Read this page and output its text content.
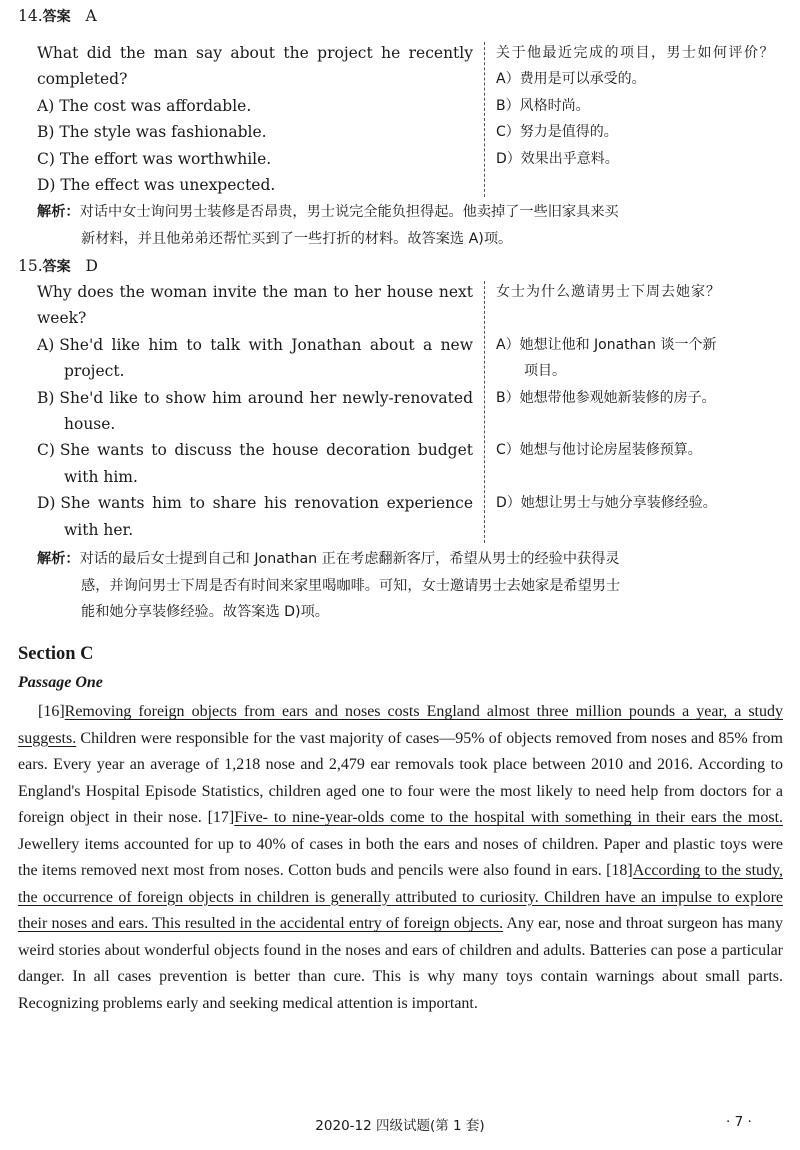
14.答案 A
What did the man say about the project he recently completed?
A)
The cost was affordable.
B)
The style was fashionable.
C)
The effort was worthwhile.
D)
The effect was unexpected.
关于他最近完成的项目，男士如何评价？
A） 费用是可以承受的。
B） 风格时尚。
C） 努力是值得的。
D） 效果出乎意料。
解析：对话中女士询问男士装修是否昂贵，男士说完全能负担得起。他卖掉了一些旧家具来买
新材料，并且他弟弟还帮忙买到了一些打折的材料。故答案选 A)项。
15.答案 D
Why does the woman invite the man to her house next week?
A)
She'd like him to talk with Jonathan about a new
project.
B)
She'd like to show him around her newly-renovated
house.
C)
She wants to discuss the house decoration budget
with him.
D)
She wants him to share his renovation experience
with her.
女士为什么邀请男士下周去她家？
A） 她想让他和 Jonathan 谈一个新
项目。
B） 她想带他参观她新装修的房子。
C） 她想与他讨论房屋装修预算。
D） 她想让男士与她分享装修经验。
解析：对话的最后女士提到自己和 Jonathan 正在考虑翻新客厅，希望从男士的经验中获得灵
感，并询问男士下周是否有时间来家里喝咖啡。可知，女士邀请男士去她家是希望男士
能和她分享装修经验。故答案选 D)项。
Section C
Passage One
[16]Removing foreign objects from ears and noses costs England almost three million pounds a year, a study suggests. Children were responsible for the vast majority of cases—95% of objects removed from noses and 85% from ears. Every year an average of 1,218 nose and 2,479 ear removals took place between 2010 and 2016. According to England's Hospital Episode Statistics, children aged one to four were the most likely to need help from doctors for a foreign object in their nose. [17]Five- to nine-year-olds come to the hospital with something in their ears the most. Jewellery items accounted for up to 40% of cases in both the ears and noses of children. Paper and plastic toys were the items removed next most from noses. Cotton buds and pencils were also found in ears. [18]According to the study, the occurrence of foreign objects in children is generally attributed to curiosity. Children have an impulse to explore their noses and ears. This resulted in the accidental entry of foreign objects. Any ear, nose and throat surgeon has many weird stories about wonderful objects found in the noses and ears of children and adults. Batteries can pose a particular danger. In all cases prevention is better than cure. This is why many toys contain warnings about small parts. Recognizing problems early and seeking medical attention is important.
2020-12 四级试题(第 1 套)	· 7 ·
